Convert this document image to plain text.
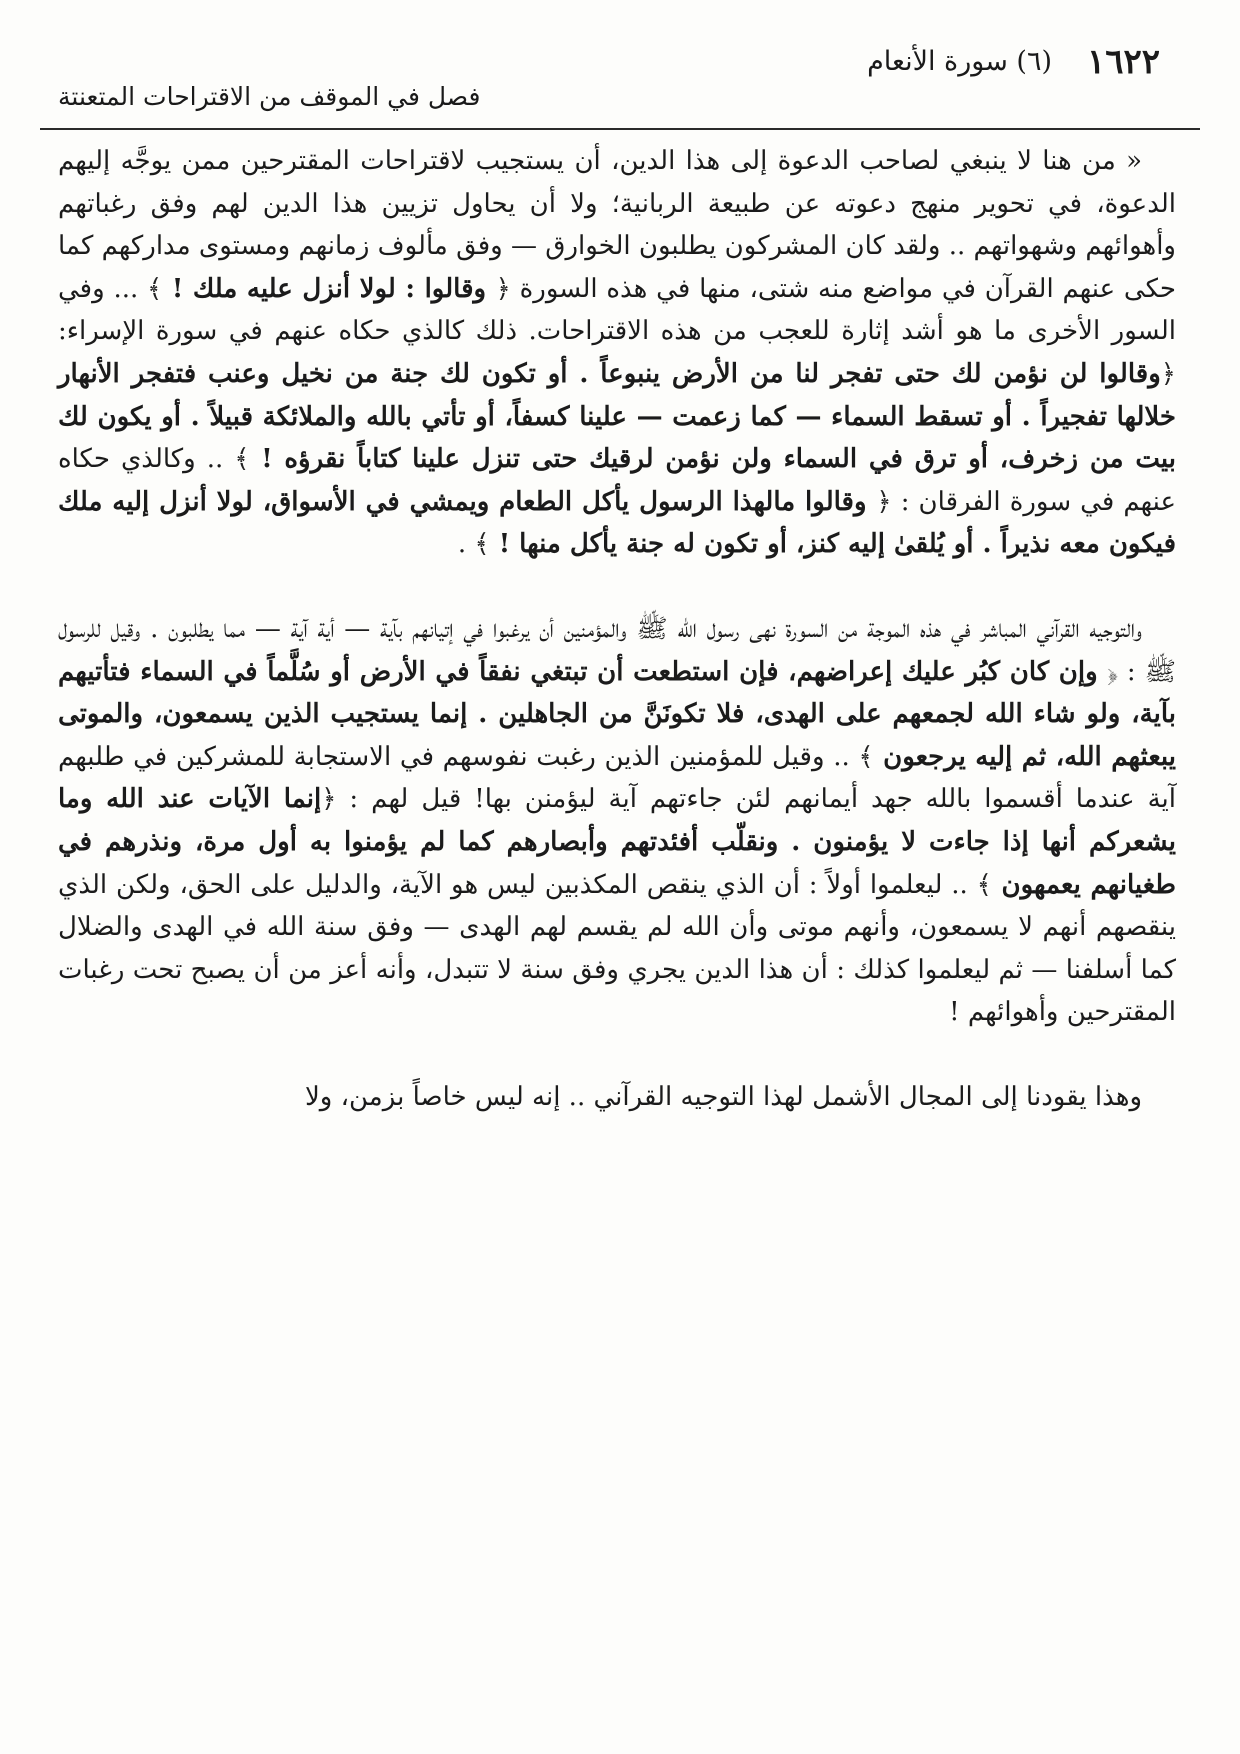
١٦٢٢
(٦) سورة الأنعام
فصل في الموقف من الاقتراحات المتعنتة

« من هنا لا ينبغي لصاحب الدعوة إلى هذا الدين، أن يستجيب لاقتراحات المقترحين ممن يوجَّه إليهم الدعوة، في تحوير منهج دعوته عن طبيعة الربانية؛ ولا أن يحاول تزيين هذا الدين لهم وفق رغباتهم وأهوائهم وشهواتهم .. ولقد كان المشركون يطلبون الخوارق — وفق مألوف زمانهم ومستوى مداركهم كما حكى عنهم القرآن في مواضع منه شتى، منها في هذه السورة ﴿ وقالوا : لولا أنزل عليه ملك ! ﴾ ... وفي السور الأخرى ما هو أشد إثارة للعجب من هذه الاقتراحات. ذلك كالذي حكاه عنهم في سورة الإسراء: ﴿وقالوا لن نؤمن لك حتى تفجر لنا من الأرض ينبوعاً . أو تكون لك جنة من نخيل وعنب فتفجر الأنهار خلالها تفجيراً . أو تسقط السماء — كما زعمت — علينا كسفاً، أو تأتي بالله والملائكة قبيلاً . أو يكون لك بيت من زخرف، أو ترق في السماء ولن نؤمن لرقيك حتى تنزل علينا كتاباً نقرؤه ! ﴾ .. وكالذي حكاه عنهم في سورة الفرقان : ﴿ وقالوا مالهذا الرسول يأكل الطعام ويمشي في الأسواق، لولا أنزل إليه ملك فيكون معه نذيراً . أو يُلقىٰ إليه كنز، أو تكون له جنة يأكل منها ! ﴾ .

والتوجيه القرآني المباشر في هذه الموجة من السورة نهى رسول الله ﷺ والمؤمنين أن يرغبوا في إتيانهم بآية — أية آية — مما يطلبون . وقيل للرسول ﷺ : ﴿ وإن كان كبُر عليك إعراضهم، فإن استطعت أن تبتغي نفقاً في الأرض أو سُلَّماً في السماء فتأتيهم بآية، ولو شاء الله لجمعهم على الهدى، فلا تكونَنَّ من الجاهلين . إنما يستجيب الذين يسمعون، والموتى يبعثهم الله، ثم إليه يرجعون ﴾ .. وقيل للمؤمنين الذين رغبت نفوسهم في الاستجابة للمشركين في طلبهم آية عندما أقسموا بالله جهد أيمانهم لئن جاءتهم آية ليؤمنن بها! قيل لهم : ﴿إنما الآيات عند الله وما يشعركم أنها إذا جاءت لا يؤمنون . ونقلّب أفئدتهم وأبصارهم كما لم يؤمنوا به أول مرة، ونذرهم في طغيانهم يعمهون ﴾ .. ليعلموا أولاً : أن الذي ينقص المكذبين ليس هو الآية، والدليل على الحق، ولكن الذي ينقصهم أنهم لا يسمعون، وأنهم موتى وأن الله لم يقسم لهم الهدى — وفق سنة الله في الهدى والضلال كما أسلفنا — ثم ليعلموا كذلك : أن هذا الدين يجري وفق سنة لا تتبدل، وأنه أعز من أن يصبح تحت رغبات المقترحين وأهوائهم !

وهذا يقودنا إلى المجال الأشمل لهذا التوجيه القرآني .. إنه ليس خاصاً بزمن، ولا
